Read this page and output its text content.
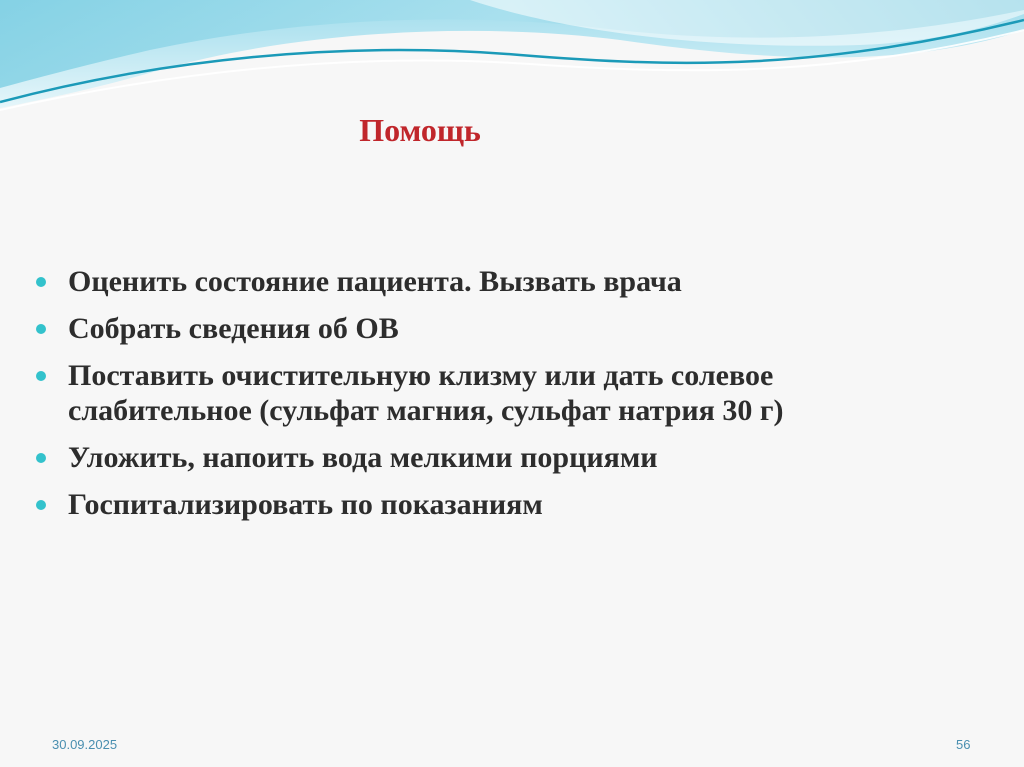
Помощь
Оценить состояние пациента. Вызвать врача
Собрать сведения об ОВ
Поставить очистительную клизму или дать солевое слабительное (сульфат магния, сульфат натрия 30 г)
Уложить, напоить вода мелкими порциями
Госпитализировать по показаниям
30.09.2025	56
